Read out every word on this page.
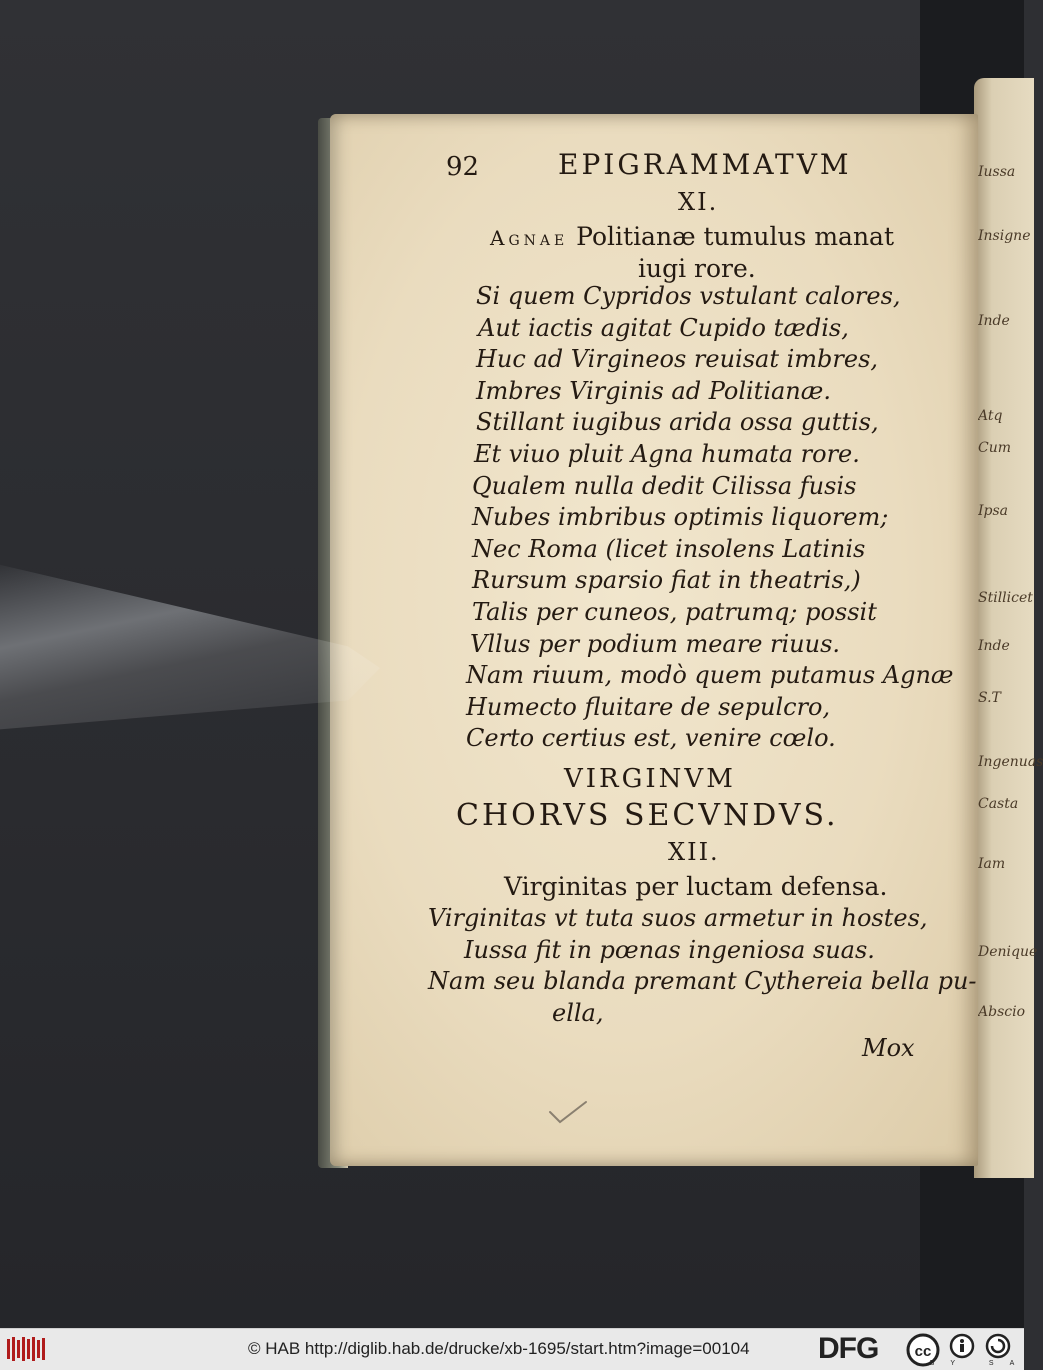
Iussa
Insigne
Inde
Atq
Cum
Ipsa
Stillicet
Inde
S.T
Ingenuas
Casta
Iam
Denique
Abscio
92	EPIGRAMMATVM
XI.
Agnae Politianæ tumulus manat
iugi rore.
Si quem Cypridos vstulant calores,
Aut iactis agitat Cupido tædis,
Huc ad Virgineos reuisat imbres,
Imbres Virginis ad Politianæ.
Stillant iugibus arida ossa guttis,
Et viuo pluit Agna humata rore.
Qualem nulla dedit Cilissa fusis
Nubes imbribus optimis liquorem;
Nec Roma (licet insolens Latinis
Rursum sparsio fiat in theatris,)
Talis per cuneos, patrumq; possit
Vllus per podium meare riuus.
Nam riuum, modò quem putamus Agnæ
Humecto fluitare de sepulcro,
Certo certius est, venire cœlo.
VIRGINVM
CHORVS SECVNDVS.
XII.
Virginitas per luctam defensa.
Virginitas vt tuta suos armetur in hostes,
Iussa fit in pœnas ingeniosa suas.
Nam seu blanda premant Cythereia bella pu-
ella,
Mox
© HAB http://diglib.hab.de/drucke/xb-1695/start.htm?image=00104 DFG cc
BY SA
